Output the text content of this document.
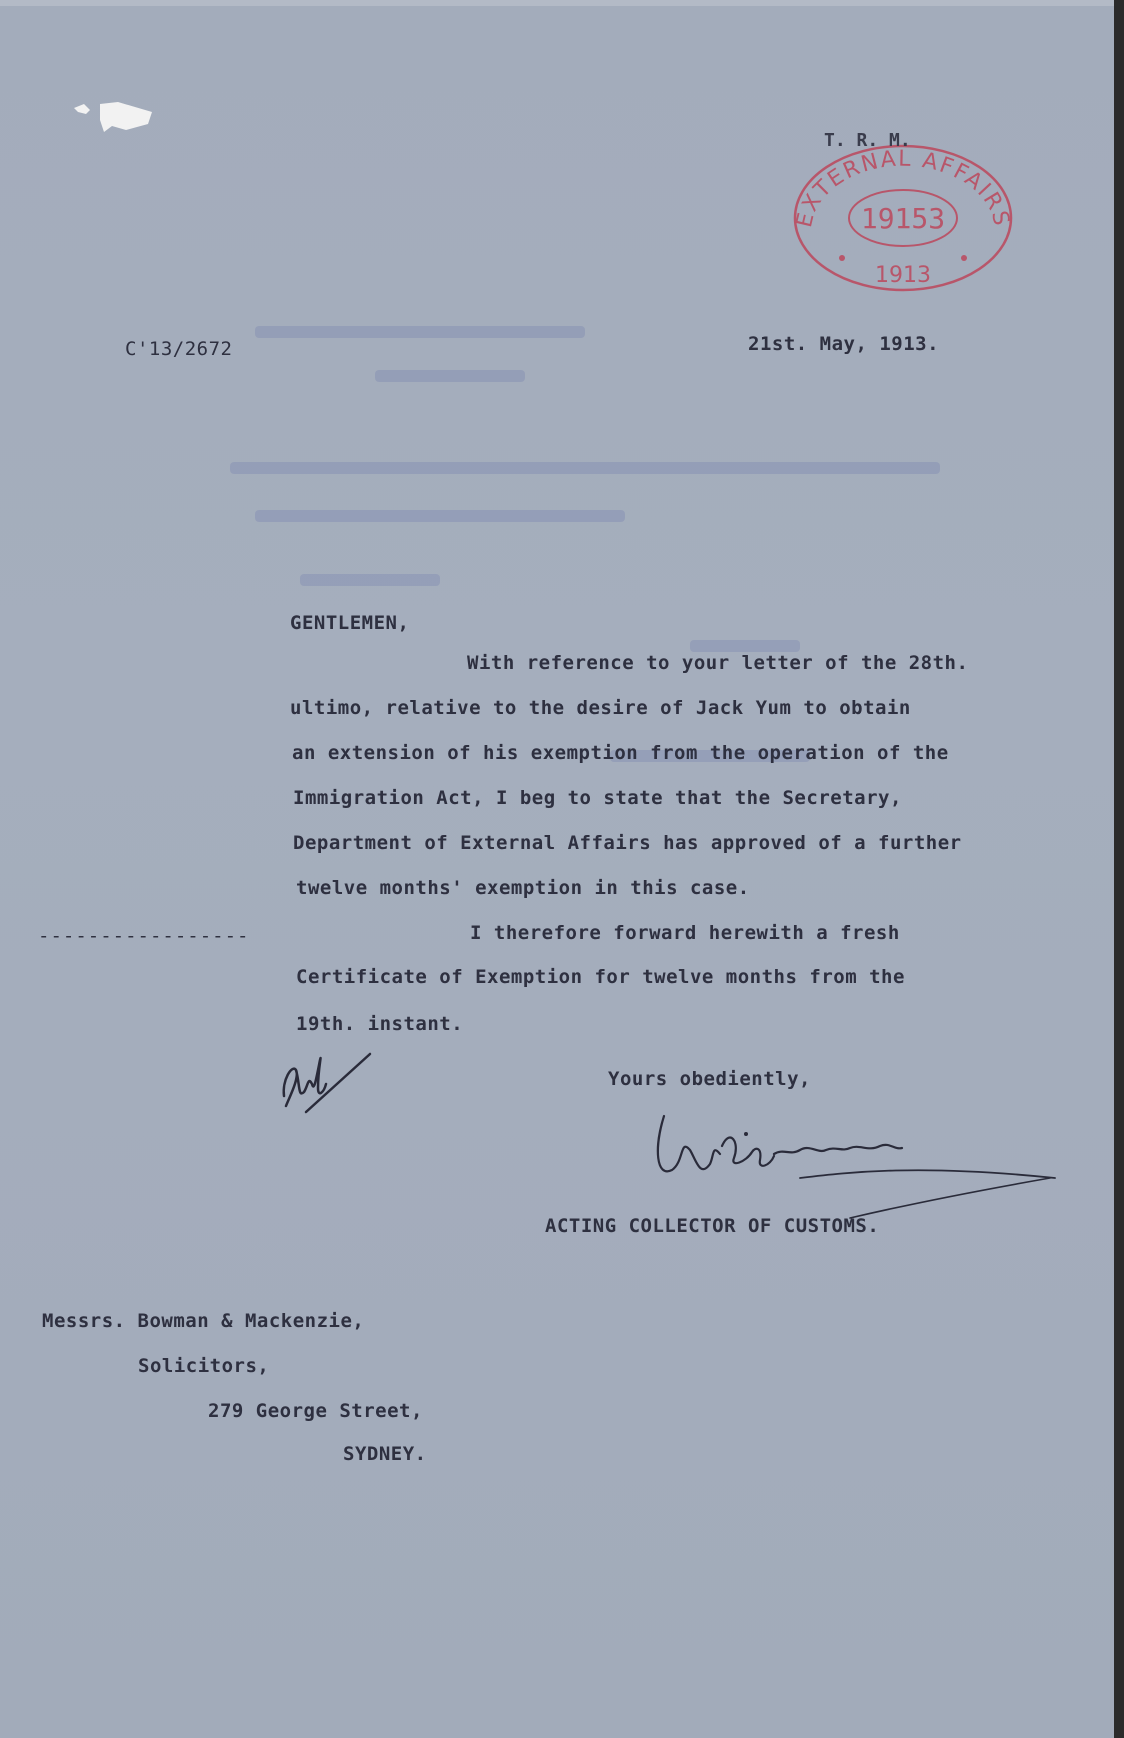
EXTERNAL AFFAIRS
19153
1913
T. R. M.
C'13/2672	21st. May, 1913.
GENTLEMEN,
With reference to your letter of the 28th.
ultimo, relative to the desire of Jack Yum to obtain
an extension of his exemption from the operation of the
Immigration Act, I beg to state that the Secretary,
Department of External Affairs has approved of a further
twelve months' exemption in this case.
I therefore forward herewith a fresh
Certificate of Exemption for twelve months from the
19th. instant.
-----------------
Yours obediently,
ACTING COLLECTOR OF CUSTOMS.
Messrs. Bowman & Mackenzie,
Solicitors,
279 George Street,
SYDNEY.
